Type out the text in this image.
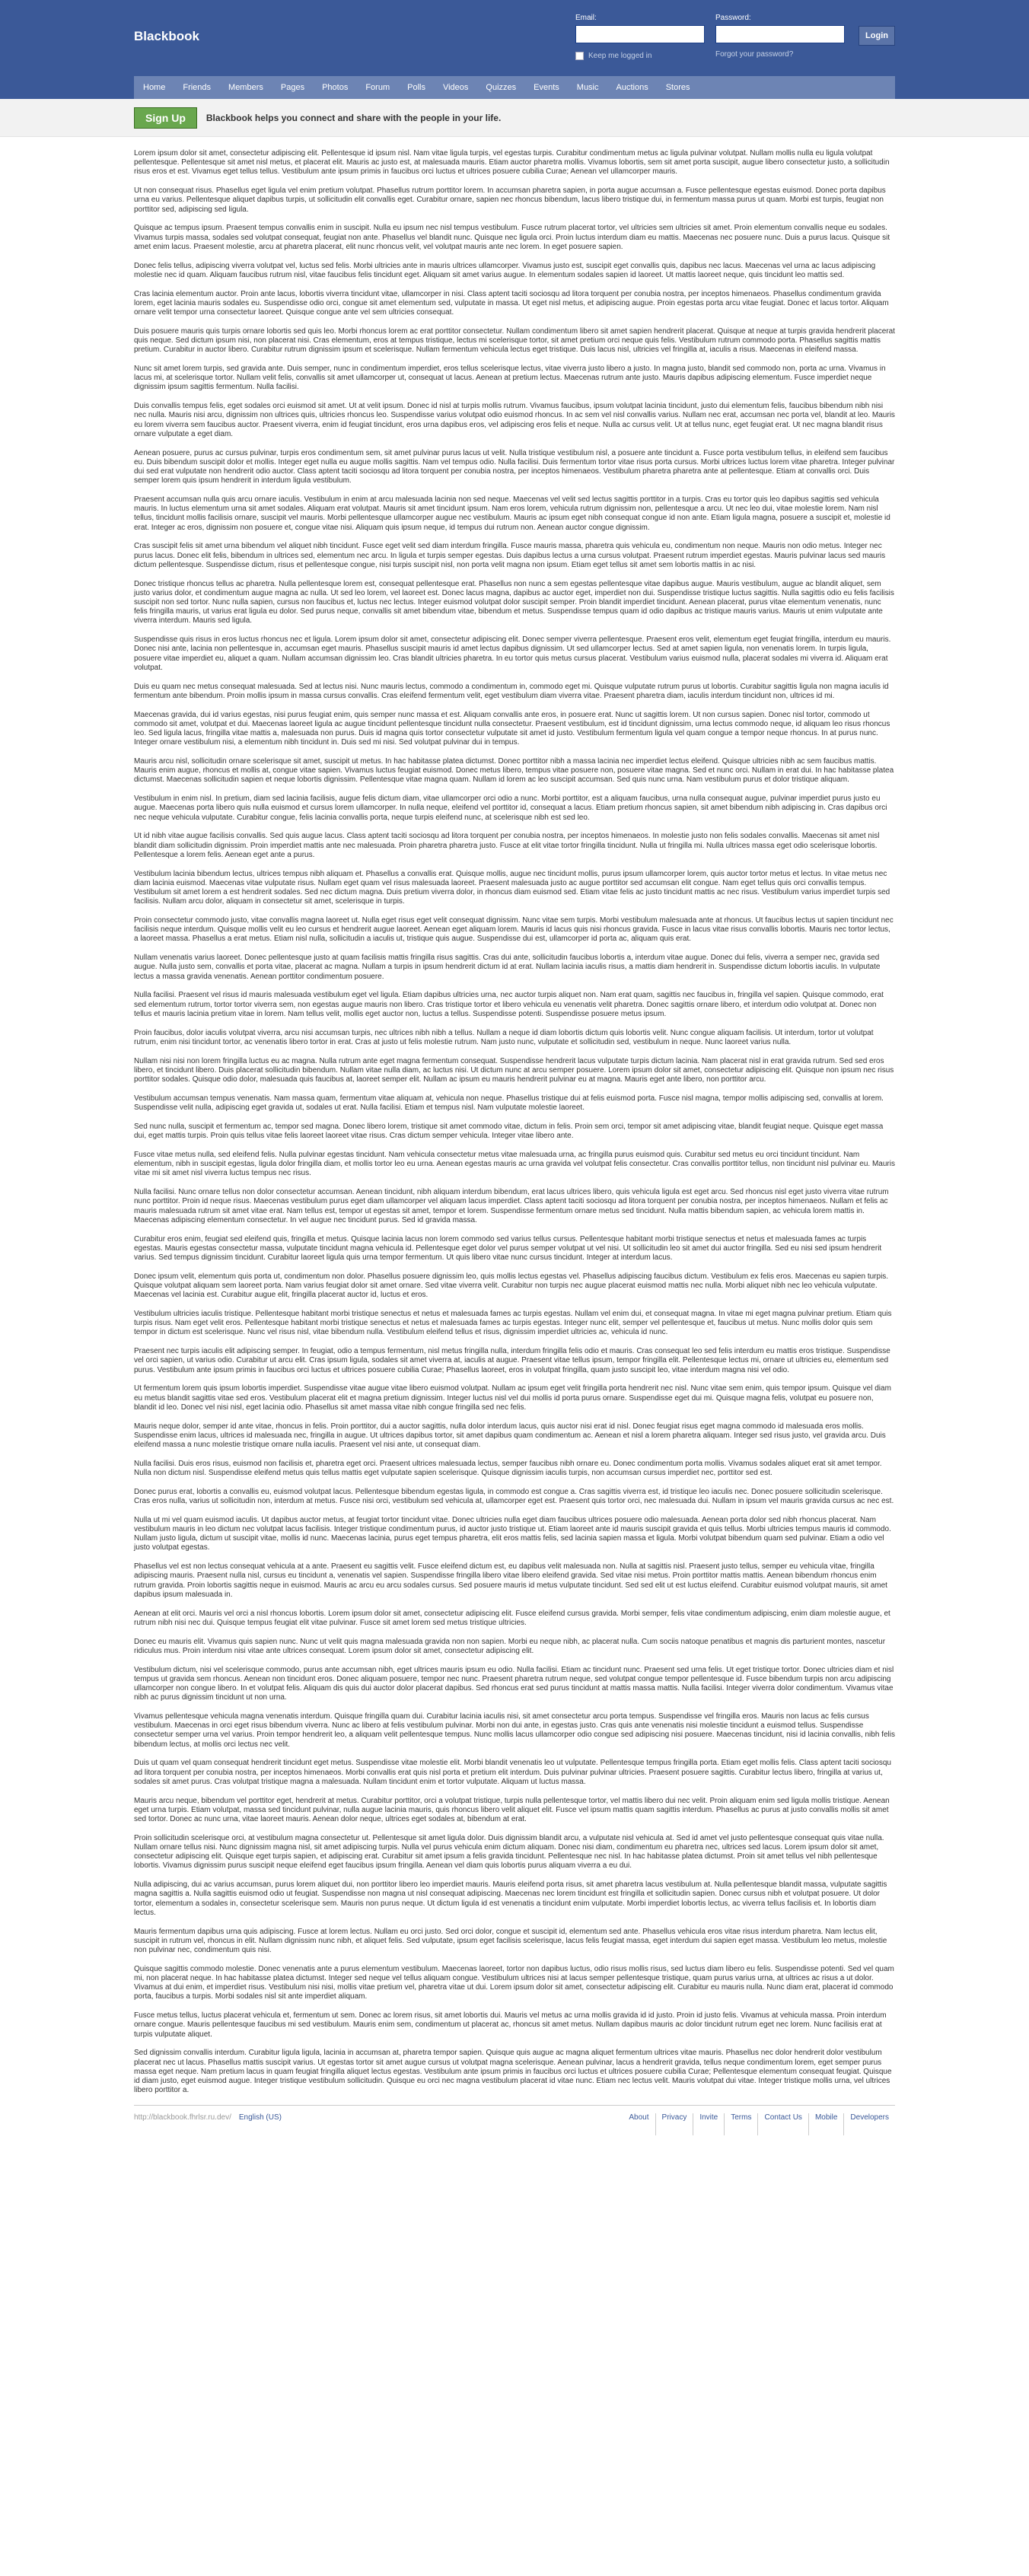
Blackbook
Email:	Password:
Login
Keep me logged in	Forgot your password?
Home Friends Members Pages Photos Forum Polls Videos Quizzes Events Music Auctions Stores
Sign Up	Blackbook helps you connect and share with the people in your life.

Lorem ipsum dolor sit amet, consectetur adipiscing elit. Pellentesque id ipsum nisl. Nam vitae ligula turpis, vel egestas turpis. Curabitur condimentum metus ac ligula pulvinar volutpat. Nullam mollis nulla eu ligula volutpat pellentesque. Pellentesque sit amet nisl metus, et placerat elit. Mauris ac justo est, at malesuada mauris. Etiam auctor pharetra mollis. Vivamus lobortis, sem sit amet porta suscipit, augue libero consectetur justo, a sollicitudin risus eros et est. Vivamus eget tellus tellus. Vestibulum ante ipsum primis in faucibus orci luctus et ultrices posuere cubilia Curae; Aenean vel ullamcorper mauris.

Ut non consequat risus. Phasellus eget ligula vel enim pretium volutpat. Phasellus rutrum porttitor lorem. In accumsan pharetra sapien, in porta augue accumsan a. Fusce pellentesque egestas euismod. Donec porta dapibus urna eu varius. Pellentesque aliquet dapibus turpis, ut sollicitudin elit convallis eget. Curabitur ornare, sapien nec rhoncus bibendum, lacus libero tristique dui, in fermentum massa purus ut quam. Morbi est turpis, feugiat non porttitor sed, adipiscing sed ligula.

Quisque ac tempus ipsum. Praesent tempus convallis enim in suscipit. Nulla eu ipsum nec nisl tempus vestibulum. Fusce rutrum placerat tortor, vel ultricies sem ultricies sit amet. Proin elementum convallis neque eu sodales. Vivamus turpis massa, sodales sed volutpat consequat, feugiat non ante. Phasellus vel blandit nunc. Quisque nec ligula orci. Proin luctus interdum diam eu mattis. Maecenas nec posuere nunc. Duis a purus lacus. Quisque sit amet enim lacus. Praesent molestie, arcu at pharetra placerat, elit nunc rhoncus velit, vel volutpat mauris ante nec lorem. In eget posuere sapien.

Donec felis tellus, adipiscing viverra volutpat vel, luctus sed felis. Morbi ultricies ante in mauris ultrices ullamcorper. Vivamus justo est, suscipit eget convallis quis, dapibus nec lacus. Maecenas vel urna ac lacus adipiscing molestie nec id quam. Aliquam faucibus rutrum nisl, vitae faucibus felis tincidunt eget. Aliquam sit amet varius augue. In elementum sodales sapien id laoreet. Ut mattis laoreet neque, quis tincidunt leo mattis sed.

Cras lacinia elementum auctor. Proin ante lacus, lobortis viverra tincidunt vitae, ullamcorper in nisi. Class aptent taciti sociosqu ad litora torquent per conubia nostra, per inceptos himenaeos. Phasellus condimentum gravida lorem, eget lacinia mauris sodales eu. Suspendisse odio orci, congue sit amet elementum sed, vulputate in massa. Ut eget nisl metus, et adipiscing augue. Proin egestas porta arcu vitae feugiat. Donec et lacus tortor. Aliquam ornare velit tempor urna consectetur laoreet. Quisque congue ante vel sem ultricies consequat.

Duis posuere mauris quis turpis ornare lobortis sed quis leo. Morbi rhoncus lorem ac erat porttitor consectetur. Nullam condimentum libero sit amet sapien hendrerit placerat. Quisque at neque at turpis gravida hendrerit placerat quis neque. Sed dictum ipsum nisi, non placerat nisi. Cras elementum, eros at tempus tristique, lectus mi scelerisque tortor, sit amet pretium orci neque quis felis. Vestibulum rutrum commodo porta. Phasellus sagittis mattis pretium. Curabitur in auctor libero. Curabitur rutrum dignissim ipsum et scelerisque. Nullam fermentum vehicula lectus eget tristique. Duis lacus nisl, ultricies vel fringilla at, iaculis a risus. Maecenas in eleifend massa.

Nunc sit amet lorem turpis, sed gravida ante. Duis semper, nunc in condimentum imperdiet, eros tellus scelerisque lectus, vitae viverra justo libero a justo. In magna justo, blandit sed commodo non, porta ac urna. Vivamus in lacus mi, at scelerisque tortor. Nullam velit felis, convallis sit amet ullamcorper ut, consequat ut lacus. Aenean at pretium lectus. Maecenas rutrum ante justo. Mauris dapibus adipiscing elementum. Fusce imperdiet neque dignissim ipsum sagittis fermentum. Nulla facilisi.

Duis convallis tempus felis, eget sodales orci euismod sit amet. Ut at velit ipsum. Donec id nisl at turpis mollis rutrum. Vivamus faucibus, ipsum volutpat lacinia tincidunt, justo dui elementum felis, faucibus bibendum nibh nisi nec nulla. Mauris nisi arcu, dignissim non ultrices quis, ultricies rhoncus leo. Suspendisse varius volutpat odio euismod rhoncus. In ac sem vel nisl convallis varius. Nullam nec erat, accumsan nec porta vel, blandit at leo. Mauris eu lorem viverra sem faucibus auctor. Praesent viverra, enim id feugiat tincidunt, eros urna dapibus eros, vel adipiscing eros felis et neque. Nulla ac cursus velit. Ut at tellus nunc, eget feugiat erat. Ut nec magna blandit risus ornare vulputate a eget diam.

Aenean posuere, purus ac cursus pulvinar, turpis eros condimentum sem, sit amet pulvinar purus lacus ut velit. Nulla tristique vestibulum nisl, a posuere ante tincidunt a. Fusce porta vestibulum tellus, in eleifend sem faucibus eu. Duis bibendum suscipit dolor et mollis. Integer eget nulla eu augue mollis sagittis. Nam vel tempus odio. Nulla facilisi. Duis fermentum tortor vitae risus porta cursus. Morbi ultrices luctus lorem vitae pharetra. Integer pulvinar dui sed erat vulputate non hendrerit odio auctor. Class aptent taciti sociosqu ad litora torquent per conubia nostra, per inceptos himenaeos. Vestibulum pharetra pharetra ante at pellentesque. Etiam at convallis orci. Duis semper lorem quis ipsum hendrerit in interdum ligula vestibulum.

Praesent accumsan nulla quis arcu ornare iaculis. Vestibulum in enim at arcu malesuada lacinia non sed neque. Maecenas vel velit sed lectus sagittis porttitor in a turpis. Cras eu tortor quis leo dapibus sagittis sed vehicula mauris. In luctus elementum urna sit amet sodales. Aliquam erat volutpat. Mauris sit amet tincidunt ipsum. Nam eros lorem, vehicula rutrum dignissim non, pellentesque a arcu. Ut nec leo dui, vitae molestie lorem. Nam nisl tellus, tincidunt mollis facilisis ornare, suscipit vel mauris. Morbi pellentesque ullamcorper augue nec vestibulum. Mauris ac ipsum eget nibh consequat congue id non ante. Etiam ligula magna, posuere a suscipit et, molestie id erat. Integer ac eros, dignissim non posuere et, congue vitae nisi. Aliquam quis ipsum neque, id tempus dui rutrum non. Aenean auctor congue dignissim.

Cras suscipit felis sit amet urna bibendum vel aliquet nibh tincidunt. Fusce eget velit sed diam interdum fringilla. Fusce mauris massa, pharetra quis vehicula eu, condimentum non neque. Mauris non odio metus. Integer nec purus lacus. Donec elit felis, bibendum in ultrices sed, elementum nec arcu. In ligula et turpis semper egestas. Duis dapibus lectus a urna cursus volutpat. Praesent rutrum imperdiet egestas. Mauris pulvinar lacus sed mauris dictum pellentesque. Suspendisse dictum, risus et pellentesque congue, nisi turpis suscipit nisl, non porta velit magna non ipsum. Etiam eget tellus sit amet sem lobortis mattis in ac nisi.

Donec tristique rhoncus tellus ac pharetra. Nulla pellentesque lorem est, consequat pellentesque erat. Phasellus non nunc a sem egestas pellentesque vitae dapibus augue. Mauris vestibulum, augue ac blandit aliquet, sem justo varius dolor, et condimentum augue magna ac nulla. Ut sed leo lorem, vel laoreet est. Donec lacus magna, dapibus ac auctor eget, imperdiet non dui. Suspendisse tristique luctus sagittis. Nulla sagittis odio eu felis facilisis suscipit non sed tortor. Nunc nulla sapien, cursus non faucibus et, luctus nec lectus. Integer euismod volutpat dolor suscipit semper. Proin blandit imperdiet tincidunt. Aenean placerat, purus vitae elementum venenatis, nunc felis fringilla mauris, ut varius erat ligula eu dolor. Sed purus neque, convallis sit amet bibendum vitae, bibendum et metus. Suspendisse tempus quam id odio dapibus ac tristique mauris varius. Mauris ut enim vulputate ante viverra interdum. Mauris sed ligula.

Suspendisse quis risus in eros luctus rhoncus nec et ligula. Lorem ipsum dolor sit amet, consectetur adipiscing elit. Donec semper viverra pellentesque. Praesent eros velit, elementum eget feugiat fringilla, interdum eu mauris. Donec nisi ante, lacinia non pellentesque in, accumsan eget mauris. Phasellus suscipit mauris id amet lectus dapibus dignissim. Ut sed ullamcorper lectus. Sed at amet sapien ligula, non venenatis lorem. In turpis ligula, posuere vitae imperdiet eu, aliquet a quam. Nullam accumsan dignissim leo. Cras blandit ultricies pharetra. In eu tortor quis metus cursus placerat. Vestibulum varius euismod nulla, placerat sodales mi viverra id. Aliquam erat volutpat.

Duis eu quam nec metus consequat malesuada. Sed at lectus nisi. Nunc mauris lectus, commodo a condimentum in, commodo eget mi. Quisque vulputate rutrum purus ut lobortis. Curabitur sagittis ligula non magna iaculis id fermentum ante bibendum. Proin mollis ipsum in massa cursus convallis. Cras eleifend fermentum velit, eget vestibulum diam viverra vitae. Praesent pharetra diam, iaculis interdum tincidunt non, ultrices id mi.

Maecenas gravida, dui id varius egestas, nisi purus feugiat enim, quis semper nunc massa et est. Aliquam convallis ante eros, in posuere erat. Nunc ut sagittis lorem. Ut non cursus sapien. Donec nisl tortor, commodo ut commodo sit amet, volutpat et dui. Maecenas laoreet ligula ac augue tincidunt pellentesque tincidunt nulla consectetur. Praesent vestibulum, est id tincidunt dignissim, urna lectus commodo neque, id aliquam leo risus rhoncus leo. Sed ligula lacus, fringilla vitae mattis a, malesuada non purus. Duis id magna quis tortor consectetur vulputate sit amet id justo. Vestibulum fermentum ligula vel quam congue a tempor neque rhoncus. In at purus nunc. Integer ornare vestibulum nisi, a elementum nibh tincidunt in. Duis sed mi nisi. Sed volutpat pulvinar dui in tempus.

Mauris arcu nisl, sollicitudin ornare scelerisque sit amet, suscipit ut metus. In hac habitasse platea dictumst. Donec porttitor nibh a massa lacinia nec imperdiet lectus eleifend. Quisque ultricies nibh ac sem faucibus mattis. Mauris enim augue, rhoncus et mollis at, congue vitae sapien. Vivamus luctus feugiat euismod. Donec metus libero, tempus vitae posuere non, posuere vitae magna. Sed et nunc orci. Nullam in erat dui. In hac habitasse platea dictumst. Maecenas sollicitudin sapien et neque lobortis dignissim. Pellentesque vitae magna quam. Nullam id lorem ac leo suscipit accumsan. Sed quis nunc urna. Nam vestibulum purus et dolor tristique aliquam.

Vestibulum in enim nisl. In pretium, diam sed lacinia facilisis, augue felis dictum diam, vitae ullamcorper orci odio a nunc. Morbi porttitor, est a aliquam faucibus, urna nulla consequat augue, pulvinar imperdiet purus justo eu augue. Maecenas porta libero quis nulla euismod et cursus lorem ullamcorper. In nulla neque, eleifend vel porttitor id, consequat a lacus. Etiam pretium rhoncus sapien, sit amet bibendum nibh adipiscing in. Cras dapibus orci nec neque vehicula vulputate. Curabitur congue, felis lacinia convallis porta, neque turpis eleifend nunc, at scelerisque nibh est sed leo.

Ut id nibh vitae augue facilisis convallis. Sed quis augue lacus. Class aptent taciti sociosqu ad litora torquent per conubia nostra, per inceptos himenaeos. In molestie justo non felis sodales convallis. Maecenas sit amet nisl blandit diam sollicitudin dignissim. Proin imperdiet mattis ante nec malesuada. Proin pharetra pharetra justo. Fusce at elit vitae tortor fringilla tincidunt. Nulla ut fringilla mi. Nulla ultrices massa eget odio scelerisque lobortis. Pellentesque a lorem felis. Aenean eget ante a purus.

Vestibulum lacinia bibendum lectus, ultrices tempus nibh aliquam et. Phasellus a convallis erat. Quisque mollis, augue nec tincidunt mollis, purus ipsum ullamcorper lorem, quis auctor tortor metus et lectus. In vitae metus nec diam lacinia euismod. Maecenas vitae vulputate risus. Nullam eget quam vel risus malesuada laoreet. Praesent malesuada justo ac augue porttitor sed accumsan elit congue. Nam eget tellus quis orci convallis tempus. Vestibulum sit amet lorem a est hendrerit sodales. Sed nec dictum magna. Duis pretium viverra dolor, in rhoncus diam euismod sed. Etiam vitae felis ac justo tincidunt mattis ac nec risus. Vestibulum varius imperdiet turpis sed facilisis. Nullam arcu dolor, aliquam in consectetur sit amet, scelerisque in turpis.

Proin consectetur commodo justo, vitae convallis magna laoreet ut. Nulla eget risus eget velit consequat dignissim. Nunc vitae sem turpis. Morbi vestibulum malesuada ante at rhoncus. Ut faucibus lectus ut sapien tincidunt nec facilisis neque interdum. Quisque mollis velit eu leo cursus et hendrerit augue laoreet. Aenean eget aliquam lorem. Mauris id lacus quis nisi rhoncus gravida. Fusce in lacus vitae risus convallis lobortis. Mauris nec tortor lectus, a laoreet massa. Phasellus a erat metus. Etiam nisl nulla, sollicitudin a iaculis ut, tristique quis augue. Suspendisse dui est, ullamcorper id porta ac, aliquam quis erat.

Nullam venenatis varius laoreet. Donec pellentesque justo at quam facilisis mattis fringilla risus sagittis. Cras dui ante, sollicitudin faucibus lobortis a, interdum vitae augue. Donec dui felis, viverra a semper nec, gravida sed augue. Nulla justo sem, convallis et porta vitae, placerat ac magna. Nullam a turpis in ipsum hendrerit dictum id at erat. Nullam lacinia iaculis risus, a mattis diam hendrerit in. Suspendisse dictum lobortis iaculis. In vulputate lectus a massa gravida venenatis. Aenean porttitor condimentum posuere.

Nulla facilisi. Praesent vel risus id mauris malesuada vestibulum eget vel ligula. Etiam dapibus ultricies urna, nec auctor turpis aliquet non. Nam erat quam, sagittis nec faucibus in, fringilla vel sapien. Quisque commodo, erat sed elementum rutrum, tortor tortor viverra sem, non egestas augue mauris non libero. Cras tristique tortor et libero vehicula eu venenatis velit pharetra. Donec sagittis ornare libero, et interdum odio volutpat at. Donec non tellus et mauris lacinia pretium vitae in lorem. Nam tellus velit, mollis eget auctor non, luctus a tellus. Suspendisse potenti. Suspendisse posuere metus ipsum.

Proin faucibus, dolor iaculis volutpat viverra, arcu nisi accumsan turpis, nec ultrices nibh nibh a tellus. Nullam a neque id diam lobortis dictum quis lobortis velit. Nunc congue aliquam facilisis. Ut interdum, tortor ut volutpat rutrum, enim nisi tincidunt tortor, ac venenatis libero tortor in erat. Cras at justo ut felis molestie rutrum. Nam justo nunc, vulputate et sollicitudin sed, vestibulum in neque. Nunc laoreet varius nulla.

Nullam nisi nisi non lorem fringilla luctus eu ac magna. Nulla rutrum ante eget magna fermentum consequat. Suspendisse hendrerit lacus vulputate turpis dictum lacinia. Nam placerat nisl in erat gravida rutrum. Sed sed eros libero, et tincidunt libero. Duis placerat sollicitudin bibendum. Nullam vitae nulla diam, ac luctus nisi. Ut dictum nunc at arcu semper posuere. Lorem ipsum dolor sit amet, consectetur adipiscing elit. Quisque non ipsum nec risus porttitor sodales. Quisque odio dolor, malesuada quis faucibus at, laoreet semper elit. Nullam ac ipsum eu mauris hendrerit pulvinar eu at magna. Mauris eget ante libero, non porttitor arcu.

Vestibulum accumsan tempus venenatis. Nam massa quam, fermentum vitae aliquam at, vehicula non neque. Phasellus tristique dui at felis euismod porta. Fusce nisl magna, tempor mollis adipiscing sed, convallis at lorem. Suspendisse velit nulla, adipiscing eget gravida ut, sodales ut erat. Nulla facilisi. Etiam et tempus nisl. Nam vulputate molestie laoreet.

Sed nunc nulla, suscipit et fermentum ac, tempor sed magna. Donec libero lorem, tristique sit amet commodo vitae, dictum in felis. Proin sem orci, tempor sit amet adipiscing vitae, blandit feugiat neque. Quisque eget massa dui, eget mattis turpis. Proin quis tellus vitae felis laoreet laoreet vitae risus. Cras dictum semper vehicula. Integer vitae libero ante.

Fusce vitae metus nulla, sed eleifend felis. Nulla pulvinar egestas tincidunt. Nam vehicula consectetur metus vitae malesuada urna, ac fringilla purus euismod quis. Curabitur sed metus eu orci tincidunt tincidunt. Nam elementum, nibh in suscipit egestas, ligula dolor fringilla diam, et mollis tortor leo eu urna. Aenean egestas mauris ac urna gravida vel volutpat felis consectetur. Cras convallis porttitor tellus, non tincidunt nisl pulvinar eu. Mauris vitae mi sit amet nisl viverra luctus tempus nec risus.

Nulla facilisi. Nunc ornare tellus non dolor consectetur accumsan. Aenean tincidunt, nibh aliquam interdum bibendum, erat lacus ultrices libero, quis vehicula ligula est eget arcu. Sed rhoncus nisl eget justo viverra vitae rutrum nunc porttitor. Proin id neque risus. Maecenas vestibulum purus eget diam ullamcorper vel aliquam lacus imperdiet. Class aptent taciti sociosqu ad litora torquent per conubia nostra, per inceptos himenaeos. Nullam et felis ac mauris malesuada rutrum sit amet vitae erat. Nam tellus est, tempor ut egestas sit amet, tempor et lorem. Suspendisse fermentum ornare metus sed tincidunt. Nulla mattis bibendum sapien, ac vehicula lorem mattis in. Maecenas adipiscing elementum consectetur. In vel augue nec tincidunt purus. Sed id gravida massa.

Curabitur eros enim, feugiat sed eleifend quis, fringilla et metus. Quisque lacinia lacus non lorem commodo sed varius tellus cursus. Pellentesque habitant morbi tristique senectus et netus et malesuada fames ac turpis egestas. Mauris egestas consectetur massa, vulputate tincidunt magna vehicula id. Pellentesque eget dolor vel purus semper volutpat ut vel nisi. Ut sollicitudin leo sit amet dui auctor fringilla. Sed eu nisi sed ipsum hendrerit varius. Sed tempus dignissim tincidunt. Curabitur laoreet ligula quis urna tempor fermentum. Ut quis libero vitae nunc cursus tincidunt. Integer at interdum lacus.

Donec ipsum velit, elementum quis porta ut, condimentum non dolor. Phasellus posuere dignissim leo, quis mollis lectus egestas vel. Phasellus adipiscing faucibus dictum. Vestibulum ex felis eros. Maecenas eu sapien turpis. Quisque volutpat aliquam sem laoreet porta. Nam varius feugiat dolor sit amet ornare. Sed vitae viverra velit. Curabitur non turpis nec augue placerat euismod mattis nec nulla. Morbi aliquet nibh nec leo vehicula vulputate. Maecenas vel lacinia est. Curabitur augue elit, fringilla placerat auctor id, luctus et eros.

Vestibulum ultricies iaculis tristique. Pellentesque habitant morbi tristique senectus et netus et malesuada fames ac turpis egestas. Nullam vel enim dui, et consequat magna. In vitae mi eget magna pulvinar pretium. Etiam quis turpis risus. Nam eget velit eros. Pellentesque habitant morbi tristique senectus et netus et malesuada fames ac turpis egestas. Integer nunc elit, semper vel pellentesque et, faucibus ut metus. Nunc mollis dolor quis sem tempor in dictum est scelerisque. Nunc vel risus nisl, vitae bibendum nulla. Vestibulum eleifend tellus et risus, dignissim imperdiet ultricies ac, vehicula id nunc.

Praesent nec turpis iaculis elit adipiscing semper. In feugiat, odio a tempus fermentum, nisl metus fringilla nulla, interdum fringilla felis odio et mauris. Cras consequat leo sed felis interdum eu mattis eros tristique. Suspendisse vel orci sapien, ut varius odio. Curabitur ut arcu elit. Cras ipsum ligula, sodales sit amet viverra at, iaculis at augue. Praesent vitae tellus ipsum, tempor fringilla elit. Pellentesque lectus mi, ornare ut ultricies eu, elementum sed purus. Vestibulum ante ipsum primis in faucibus orci luctus et ultrices posuere cubilia Curae; Phasellus laoreet, eros in volutpat fringilla, quam justo suscipit leo, vitae interdum magna nisi vel odio.

Ut fermentum lorem quis ipsum lobortis imperdiet. Suspendisse vitae augue vitae libero euismod volutpat. Nullam ac ipsum eget velit fringilla porta hendrerit nec nisl. Nunc vitae sem enim, quis tempor ipsum. Quisque vel diam eu metus blandit sagittis vitae sed eros. Vestibulum placerat elit et magna pretium dignissim. Integer luctus nisl vel dui mollis id porta purus ornare. Suspendisse eget dui mi. Quisque magna felis, volutpat eu posuere non, blandit id leo. Donec vel nisi nisl, eget lacinia odio. Phasellus sit amet massa vitae nibh congue fringilla sed nec felis.

Mauris neque dolor, semper id ante vitae, rhoncus in felis. Proin porttitor, dui a auctor sagittis, nulla dolor interdum lacus, quis auctor nisi erat id nisl. Donec feugiat risus eget magna commodo id malesuada eros mollis. Suspendisse enim lacus, ultrices id malesuada nec, fringilla in augue. Ut ultrices dapibus tortor, sit amet dapibus quam condimentum ac. Aenean et nisl a lorem pharetra aliquam. Integer sed risus justo, vel gravida arcu. Duis eleifend massa a nunc molestie tristique ornare nulla iaculis. Praesent vel nisi ante, ut consequat diam.

Nulla facilisi. Duis eros risus, euismod non facilisis et, pharetra eget orci. Praesent ultrices malesuada lectus, semper faucibus nibh ornare eu. Donec condimentum porta mollis. Vivamus sodales aliquet erat sit amet tempor. Nulla non dictum nisl. Suspendisse eleifend metus quis tellus mattis eget vulputate sapien scelerisque. Quisque dignissim iaculis turpis, non accumsan cursus imperdiet nec, porttitor sed est.

Donec purus erat, lobortis a convallis eu, euismod volutpat lacus. Pellentesque bibendum egestas ligula, in commodo est congue a. Cras sagittis viverra est, id tristique leo iaculis nec. Donec posuere sollicitudin scelerisque. Cras eros nulla, varius ut sollicitudin non, interdum at metus. Fusce nisi orci, vestibulum sed vehicula at, ullamcorper eget est. Praesent quis tortor orci, nec malesuada dui. Nullam in ipsum vel mauris gravida cursus ac nec est.

Nulla ut mi vel quam euismod iaculis. Ut dapibus auctor metus, at feugiat tortor tincidunt vitae. Donec ultricies nulla eget diam faucibus ultrices posuere odio malesuada. Aenean porta dolor sed nibh rhoncus placerat. Nam vestibulum mauris in leo dictum nec volutpat lacus facilisis. Integer tristique condimentum purus, id auctor justo tristique ut. Etiam laoreet ante id mauris suscipit gravida et quis tellus. Morbi ultricies tempus mauris id commodo. Nullam justo ligula, dictum ut suscipit vitae, mollis id nunc. Maecenas lacinia, purus eget tempus pharetra, elit eros mattis felis, sed lacinia sapien massa et ligula. Morbi volutpat bibendum quam sed pulvinar. Etiam a odio vel justo volutpat egestas.

Phasellus vel est non lectus consequat vehicula at a ante. Praesent eu sagittis velit. Fusce eleifend dictum est, eu dapibus velit malesuada non. Nulla at sagittis nisl. Praesent justo tellus, semper eu vehicula vitae, fringilla adipiscing mauris. Praesent nulla nisl, cursus eu tincidunt a, venenatis vel sapien. Suspendisse fringilla libero vitae libero eleifend gravida. Sed vitae nisi metus. Proin porttitor mattis mattis. Aenean bibendum rhoncus enim rutrum gravida. Proin lobortis sagittis neque in euismod. Mauris ac arcu eu arcu sodales cursus. Sed posuere mauris id metus vulputate tincidunt. Sed sed elit ut est luctus eleifend. Curabitur euismod volutpat mauris, sit amet dapibus ipsum malesuada in.

Aenean at elit orci. Mauris vel orci a nisl rhoncus lobortis. Lorem ipsum dolor sit amet, consectetur adipiscing elit. Fusce eleifend cursus gravida. Morbi semper, felis vitae condimentum adipiscing, enim diam molestie augue, et rutrum nibh nisi nec dui. Quisque tempus feugiat elit vitae pulvinar. Fusce sit amet lorem sed metus tristique ultricies.

Donec eu mauris elit. Vivamus quis sapien nunc. Nunc ut velit quis magna malesuada gravida non non sapien. Morbi eu neque nibh, ac placerat nulla. Cum sociis natoque penatibus et magnis dis parturient montes, nascetur ridiculus mus. Proin interdum nisi vitae ante ultrices consequat. Lorem ipsum dolor sit amet, consectetur adipiscing elit.

Vestibulum dictum, nisi vel scelerisque commodo, purus ante accumsan nibh, eget ultrices mauris ipsum eu odio. Nulla facilisi. Etiam ac tincidunt nunc. Praesent sed urna felis. Ut eget tristique tortor. Donec ultricies diam et nisl tempus ut gravida sem rhoncus. Aenean non tincidunt eros. Donec aliquam posuere, tempor nec nunc. Praesent pharetra rutrum neque, sed volutpat congue tempor pellentesque id. Fusce bibendum turpis non arcu adipiscing ullamcorper non congue libero. In et volutpat felis. Aliquam dis quis dui auctor dolor placerat dapibus. Sed rhoncus erat sed purus tincidunt at mattis massa mattis. Nulla facilisi. Integer viverra dolor condimentum. Vivamus vitae nibh ac purus dignissim tincidunt ut non urna.

Vivamus pellentesque vehicula magna venenatis interdum. Quisque fringilla quam dui. Curabitur lacinia iaculis nisi, sit amet consectetur arcu porta tempus. Suspendisse vel fringilla eros. Mauris non lacus ac felis cursus vestibulum. Maecenas in orci eget risus bibendum viverra. Nunc ac libero at felis vestibulum pulvinar. Morbi non dui ante, in egestas justo. Cras quis ante venenatis nisi molestie tincidunt a euismod tellus. Suspendisse consectetur semper urna vel varius. Proin tempor hendrerit leo, a aliquam velit pellentesque tempus. Nunc mollis lacus ullamcorper odio congue sed adipiscing nisi posuere. Maecenas tincidunt, nisi id lacinia convallis, nibh felis bibendum lectus, at mollis orci lectus nec velit.

Duis ut quam vel quam consequat hendrerit tincidunt eget metus. Suspendisse vitae molestie elit. Morbi blandit venenatis leo ut vulputate. Pellentesque tempus fringilla porta. Etiam eget mollis felis. Class aptent taciti sociosqu ad litora torquent per conubia nostra, per inceptos himenaeos. Morbi convallis erat quis nisl porta et pretium elit interdum. Duis pulvinar pulvinar ultricies. Praesent posuere sagittis. Curabitur lectus libero, fringilla at varius ut, sodales sit amet purus. Cras volutpat tristique magna a malesuada. Nullam tincidunt enim et tortor vulputate. Aliquam ut luctus massa.

Mauris arcu neque, bibendum vel porttitor eget, hendrerit at metus. Curabitur porttitor, orci a volutpat tristique, turpis nulla pellentesque tortor, vel mattis libero dui nec velit. Proin aliquam enim sed ligula mollis tristique. Aenean eget urna turpis. Etiam volutpat, massa sed tincidunt pulvinar, nulla augue lacinia mauris, quis rhoncus libero velit aliquet elit. Fusce vel ipsum mattis quam sagittis interdum. Phasellus ac purus at justo convallis mollis sit amet sed tortor. Donec ac nunc urna, vitae laoreet mauris. Aenean dolor neque, ultrices eget sodales at, bibendum at erat.

Proin sollicitudin scelerisque orci, at vestibulum magna consectetur ut. Pellentesque sit amet ligula dolor. Duis dignissim blandit arcu, a vulputate nisl vehicula at. Sed id amet vel justo pellentesque consequat quis vitae nulla. Nullam ornare tellus nisi. Nunc dignissim magna nisl, sit amet adipiscing turpis. Nulla vel purus vehicula enim dictum aliquam. Donec nisi diam, condimentum eu pharetra nec, ultrices sed lacus. Lorem ipsum dolor sit amet, consectetur adipiscing elit. Quisque eget turpis sapien, et adipiscing erat. Curabitur sit amet ipsum a felis gravida tincidunt. Pellentesque nec nisl. In hac habitasse platea dictumst. Proin sit amet tellus vel nibh pellentesque lobortis. Vivamus dignissim purus suscipit neque eleifend eget faucibus ipsum fringilla. Aenean vel diam quis lobortis purus aliquam viverra a eu dui.

Nulla adipiscing, dui ac varius accumsan, purus lorem aliquet dui, non porttitor libero leo imperdiet mauris. Mauris eleifend porta risus, sit amet pharetra lacus vestibulum at. Nulla pellentesque blandit massa, vulputate sagittis magna sagittis a. Nulla sagittis euismod odio ut feugiat. Suspendisse non magna ut nisl consequat adipiscing. Maecenas nec lorem tincidunt est fringilla et sollicitudin sapien. Donec cursus nibh et volutpat posuere. Ut dolor tortor, elementum a sodales in, consectetur scelerisque sem. Mauris non purus neque. Ut dictum ligula id est venenatis a tincidunt enim vulputate. Morbi imperdiet lobortis lectus, ac viverra tellus facilisis et. In lobortis diam lectus.

Mauris fermentum dapibus urna quis adipiscing. Fusce at lorem lectus. Nullam eu orci justo. Sed orci dolor, congue et suscipit id, elementum sed ante. Phasellus vehicula eros vitae risus interdum pharetra. Nam lectus elit, suscipit in rutrum vel, rhoncus in elit. Nullam dignissim nunc nibh, et aliquet felis. Sed vulputate, ipsum eget facilisis scelerisque, lacus felis feugiat massa, eget interdum dui sapien eget massa. Vestibulum leo metus, molestie non pulvinar nec, condimentum quis nisi.

Quisque sagittis commodo molestie. Donec venenatis ante a purus elementum vestibulum. Maecenas laoreet, tortor non dapibus luctus, odio risus mollis risus, sed luctus diam libero eu felis. Suspendisse potenti. Sed vel quam mi, non placerat neque. In hac habitasse platea dictumst. Integer sed neque vel tellus aliquam congue. Vestibulum ultrices nisi at lacus semper pellentesque tristique, quam purus varius urna, at ultrices ac risus a ut dolor. Vivamus at dui enim, et imperdiet risus. Vestibulum nisi nisi, mollis vitae pretium vel, pharetra vitae ut dui. Lorem ipsum dolor sit amet, consectetur adipiscing elit. Curabitur eu mauris nulla. Nunc diam erat, placerat id commodo porta, faucibus a turpis. Morbi sodales nisl sit ante imperdiet aliquam.

Fusce metus tellus, luctus placerat vehicula et, fermentum ut sem. Donec ac lorem risus, sit amet lobortis dui. Mauris vel metus ac urna mollis gravida id id justo. Proin id justo felis. Vivamus at vehicula massa. Proin interdum ornare congue. Mauris pellentesque faucibus mi sed vestibulum. Mauris enim sem, condimentum ut placerat ac, rhoncus sit amet metus. Nullam dapibus mauris ac dolor tincidunt rutrum eget nec lorem. Nunc facilisis erat at turpis vulputate aliquet.

Sed dignissim convallis interdum. Curabitur ligula ligula, lacinia in accumsan at, pharetra tempor sapien. Quisque quis augue ac magna aliquet fermentum ultrices vitae mauris. Phasellus nec dolor hendrerit dolor vestibulum placerat nec ut lacus. Phasellus mattis suscipit varius. Ut egestas tortor sit amet augue cursus ut volutpat magna scelerisque. Aenean pulvinar, lacus a hendrerit gravida, tellus neque condimentum lorem, eget semper purus massa eget neque. Nam pretium lacus in quam feugiat fringilla aliquet lectus egestas. Vestibulum ante ipsum primis in faucibus orci luctus et ultrices posuere cubilia Curae; Pellentesque elementum consequat feugiat. Quisque id diam justo, eget euismod augue. Integer tristique vestibulum sollicitudin. Quisque eu orci nec magna vestibulum placerat id vitae nunc. Etiam nec lectus velit. Mauris volutpat dui vitae. Integer tristique mollis urna, vel ultrices libero porttitor a.

http://blackbook.fhrlsr.ru.dev/ English (US)	About	Privacy	Invite	Terms	Contact Us	Mobile	Developers
